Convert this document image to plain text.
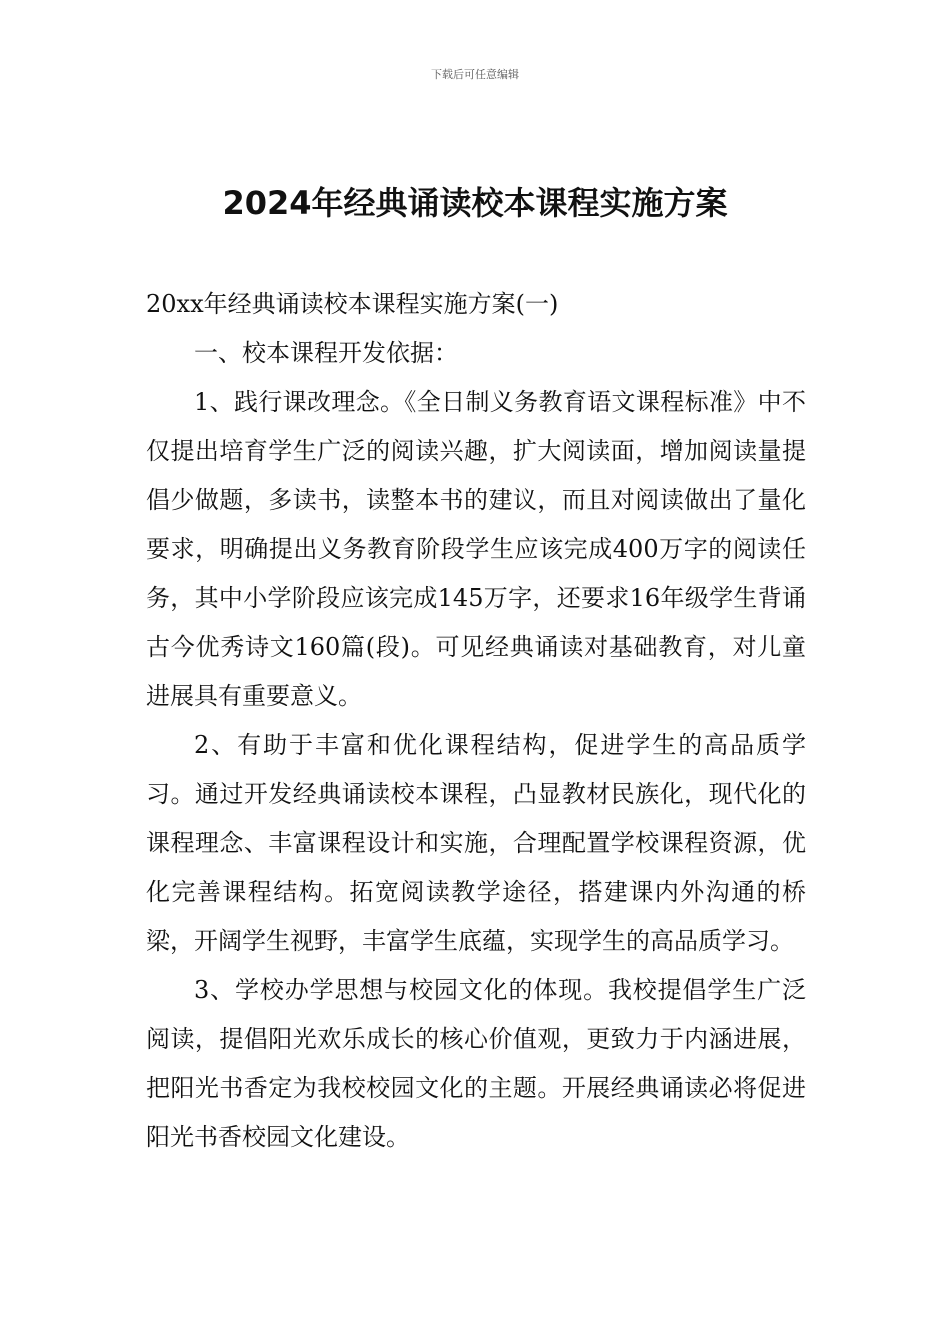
下载后可任意编辑
2024年经典诵读校本课程实施方案

20xx年经典诵读校本课程实施方案(一)

一、校本课程开发依据：

1、践行课改理念。《全日制义务教育语文课程标准》中不仅提出培育学生广泛的阅读兴趣，扩大阅读面，增加阅读量提倡少做题，多读书，读整本书的建议，而且对阅读做出了量化要求，明确提出义务教育阶段学生应该完成400万字的阅读任务，其中小学阶段应该完成145万字，还要求16年级学生背诵古今优秀诗文160篇(段)。可见经典诵读对基础教育，对儿童进展具有重要意义。

2、有助于丰富和优化课程结构，促进学生的高品质学习。通过开发经典诵读校本课程，凸显教材民族化，现代化的课程理念、丰富课程设计和实施，合理配置学校课程资源，优化完善课程结构。拓宽阅读教学途径，搭建课内外沟通的桥梁，开阔学生视野，丰富学生底蕴，实现学生的高品质学习。

3、学校办学思想与校园文化的体现。我校提倡学生广泛阅读，提倡阳光欢乐成长的核心价值观，更致力于内涵进展，把阳光书香定为我校校园文化的主题。开展经典诵读必将促进阳光书香校园文化建设。
